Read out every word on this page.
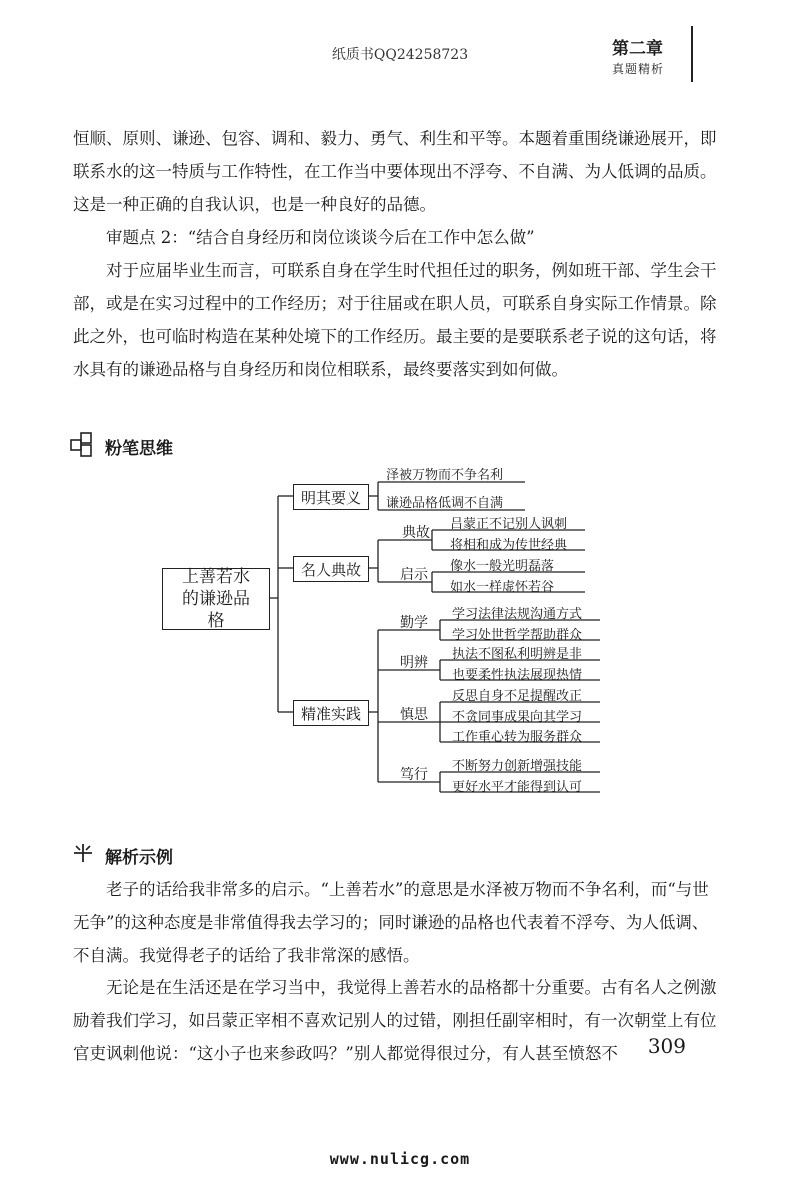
纸质书QQ2425872​3	第二章
真题精析

恒顺、原则、谦逊、包容、调和、毅力、勇气、利生和平等。本题着重围绕谦逊展开，即联系水的这一特质与工作特性，在工作当中要体现出不浮夸、不自满、为人低调的品质。这是一种正确的自我认识，也是一种良好的品德。

审题点 2：“结合自身经历和岗位谈谈今后在工作中怎么做”

对于应届毕业生而言，可联系自身在学生时代担任过的职务，例如班干部、学生会干部，或是在实习过程中的工作经历；对于往届或在职人员，可联系自身实际工作情景。除此之外，也可临时构造在某种处境下的工作经历。最主要的是要联系老子说的这句话，将水具有的谦逊品格与自身经历和岗位相联系，最终要落实到如何做。

粉笔思维
上善若水的谦逊品格
明其要义
名人典故
精准实践
泽被万物而不争名利
谦逊品格低调不自满
典故
启示
吕蒙正不记别人讽刺
将相和成为传世经典
像水一般光明磊落
如水一样虚怀若谷
勤学
明辨
慎思
笃行
学习法律法规沟通方式
学习处世哲学帮助群众
执法不图私利明辨是非
也要柔性执法展现热情
反思自身不足提醒改正
不贪同事成果向其学习
工作重心转为服务群众
不断努力创新增强技能
更好水平才能得到认可
解析示例

老子的话给我非常多的启示。“上善若水”的意思是水泽被万物而不争名利，而“与世无争”的这种态度是非常值得我去学习的；同时谦逊的品格也代表着不浮夸、为人低调、不自满。我觉得老子的话给了我非常深的感悟。

无论是在生活还是在学习当中，我觉得上善若水的品格都十分重要。古有名人之例激励着我们学习，如吕蒙正宰相不喜欢记别人的过错，刚担任副宰相时，有一次朝堂上有位官吏讽刺他说：“这小子也来参政吗？”别人都觉得很过分，有人甚至愤怒不	309
www.nulicg.com
